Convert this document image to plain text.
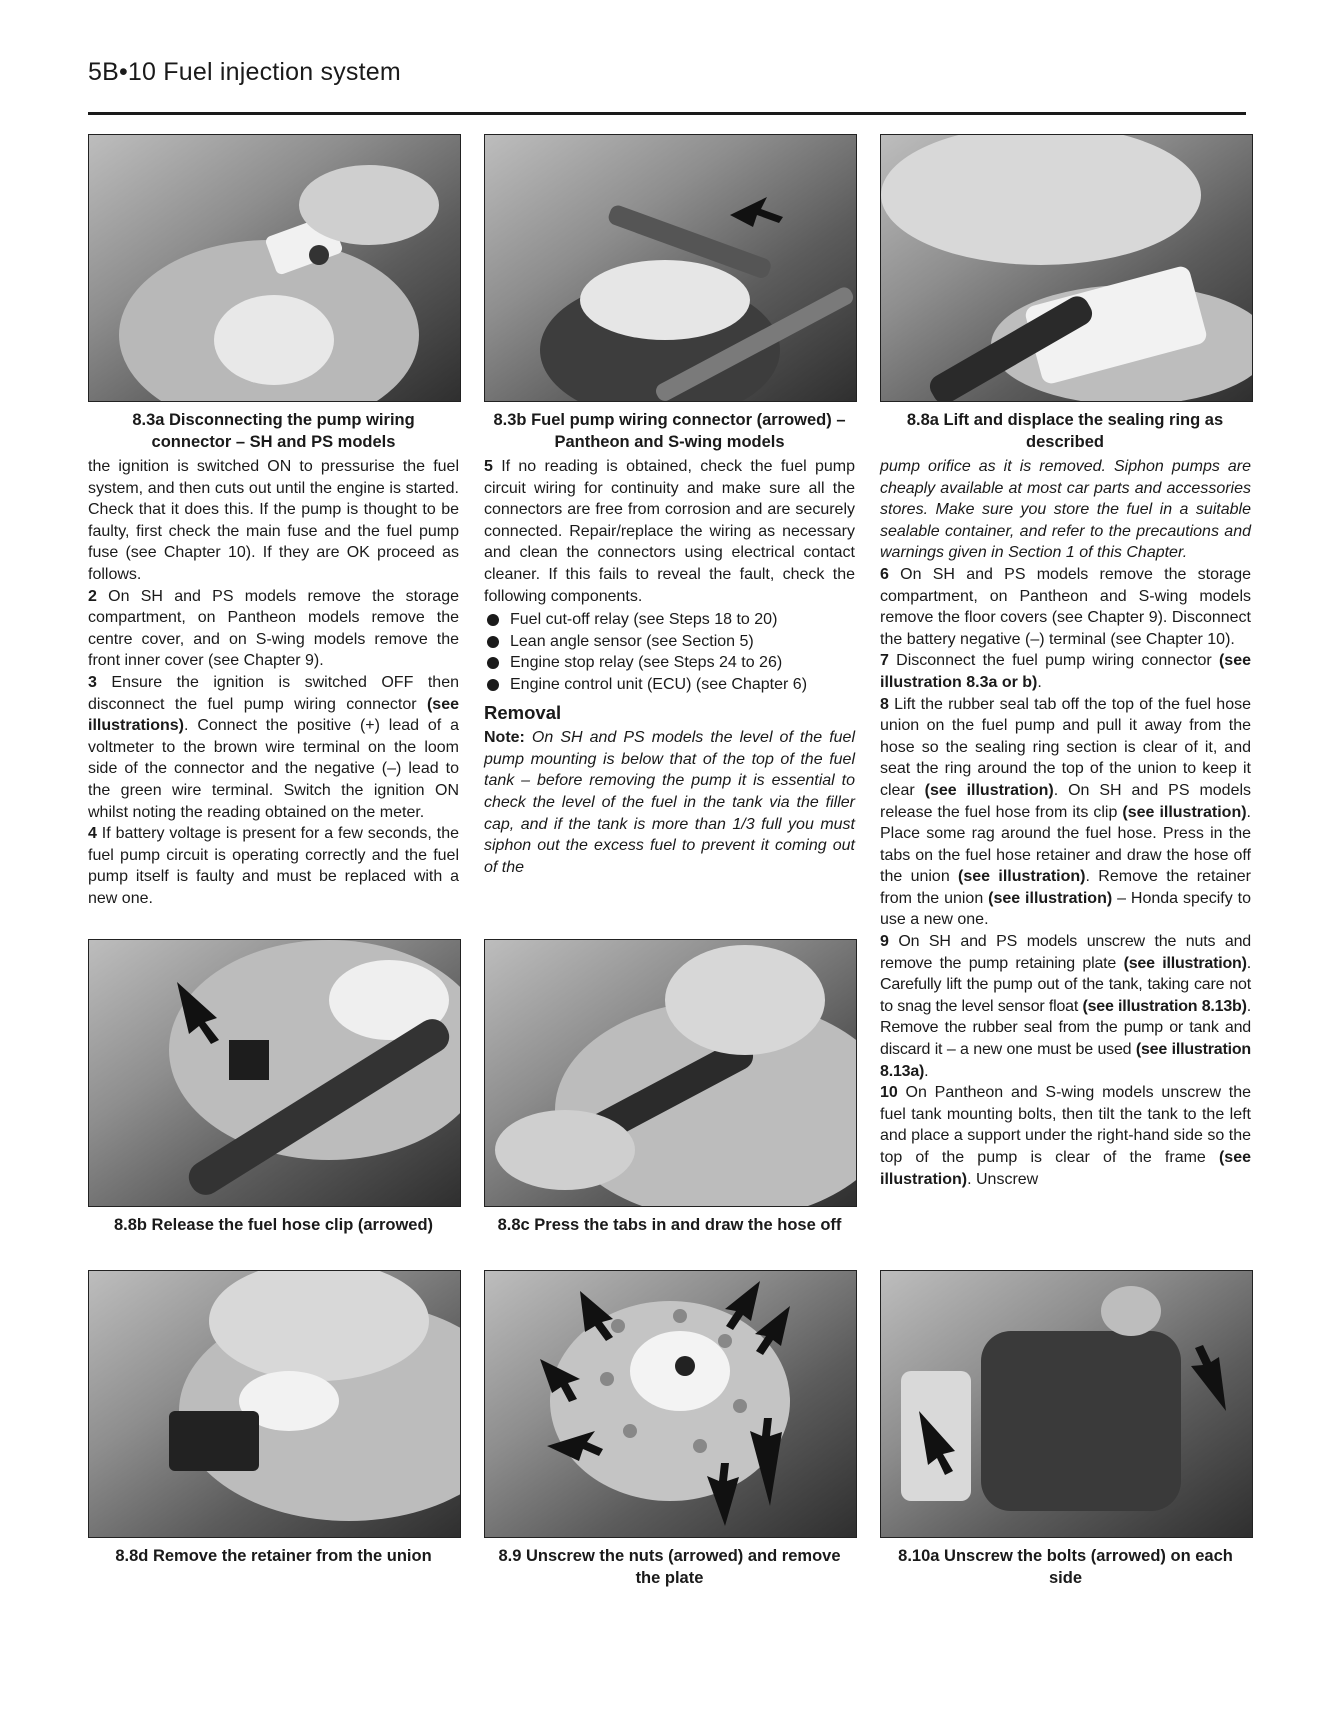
5B•10 Fuel injection system
8.3a Disconnecting the pump wiring connector – SH and PS models
8.3b Fuel pump wiring connector (arrowed) – Pantheon and S-wing models
8.8a Lift and displace the sealing ring as described

the ignition is switched ON to pressurise the fuel system, and then cuts out until the engine is started. Check that it does this. If the pump is thought to be faulty, first check the main fuse and the fuel pump fuse (see Chapter 10). If they are OK proceed as follows.

2 On SH and PS models remove the storage compartment, on Pantheon models remove the centre cover, and on S-wing models remove the front inner cover (see Chapter 9).

3 Ensure the ignition is switched OFF then disconnect the fuel pump wiring connector (see illustrations). Connect the positive (+) lead of a voltmeter to the brown wire terminal on the loom side of the connector and the negative (–) lead to the green wire terminal. Switch the ignition ON whilst noting the reading obtained on the meter.

4 If battery voltage is present for a few seconds, the fuel pump circuit is operating correctly and the fuel pump itself is faulty and must be replaced with a new one.

5 If no reading is obtained, check the fuel pump circuit wiring for continuity and make sure all the connectors are free from corrosion and are securely connected. Repair/replace the wiring as necessary and clean the connectors using electrical contact cleaner. If this fails to reveal the fault, check the following components.

Fuel cut-off relay (see Steps 18 to 20)
Lean angle sensor (see Section 5)
Engine stop relay (see Steps 24 to 26)
Engine control unit (ECU) (see Chapter 6)
Removal

Note: On SH and PS models the level of the fuel pump mounting is below that of the top of the fuel tank – before removing the pump it is essential to check the level of the fuel in the tank via the filler cap, and if the tank is more than 1/3 full you must siphon out the excess fuel to prevent it coming out of the

pump orifice as it is removed. Siphon pumps are cheaply available at most car parts and accessories stores. Make sure you store the fuel in a suitable sealable container, and refer to the precautions and warnings given in Section 1 of this Chapter.

6 On SH and PS models remove the storage compartment, on Pantheon and S-wing models remove the floor covers (see Chapter 9). Disconnect the battery negative (–) terminal (see Chapter 10).

7 Disconnect the fuel pump wiring connector (see illustration 8.3a or b).

8 Lift the rubber seal tab off the top of the fuel hose union on the fuel pump and pull it away from the hose so the sealing ring section is clear of it, and seat the ring around the top of the union to keep it clear (see illustration). On SH and PS models release the fuel hose from its clip (see illustration). Place some rag around the fuel hose. Press in the tabs on the fuel hose retainer and draw the hose off the union (see illustration). Remove the retainer from the union (see illustration) – Honda specify to use a new one.

9 On SH and PS models unscrew the nuts and remove the pump retaining plate (see illustration). Carefully lift the pump out of the tank, taking care not to snag the level sensor float (see illustration 8.13b). Remove the rubber seal from the pump or tank and discard it – a new one must be used (see illustration 8.13a).

10 On Pantheon and S-wing models unscrew the fuel tank mounting bolts, then tilt the tank to the left and place a support under the right-hand side so the top of the pump is clear of the frame (see illustration). Unscrew

8.8b Release the fuel hose clip (arrowed)	8.8c Press the tabs in and draw the hose off
8.8d Remove the retainer from the union	8.9 Unscrew the nuts (arrowed) and remove the plate
8.10a Unscrew the bolts (arrowed) on each side
